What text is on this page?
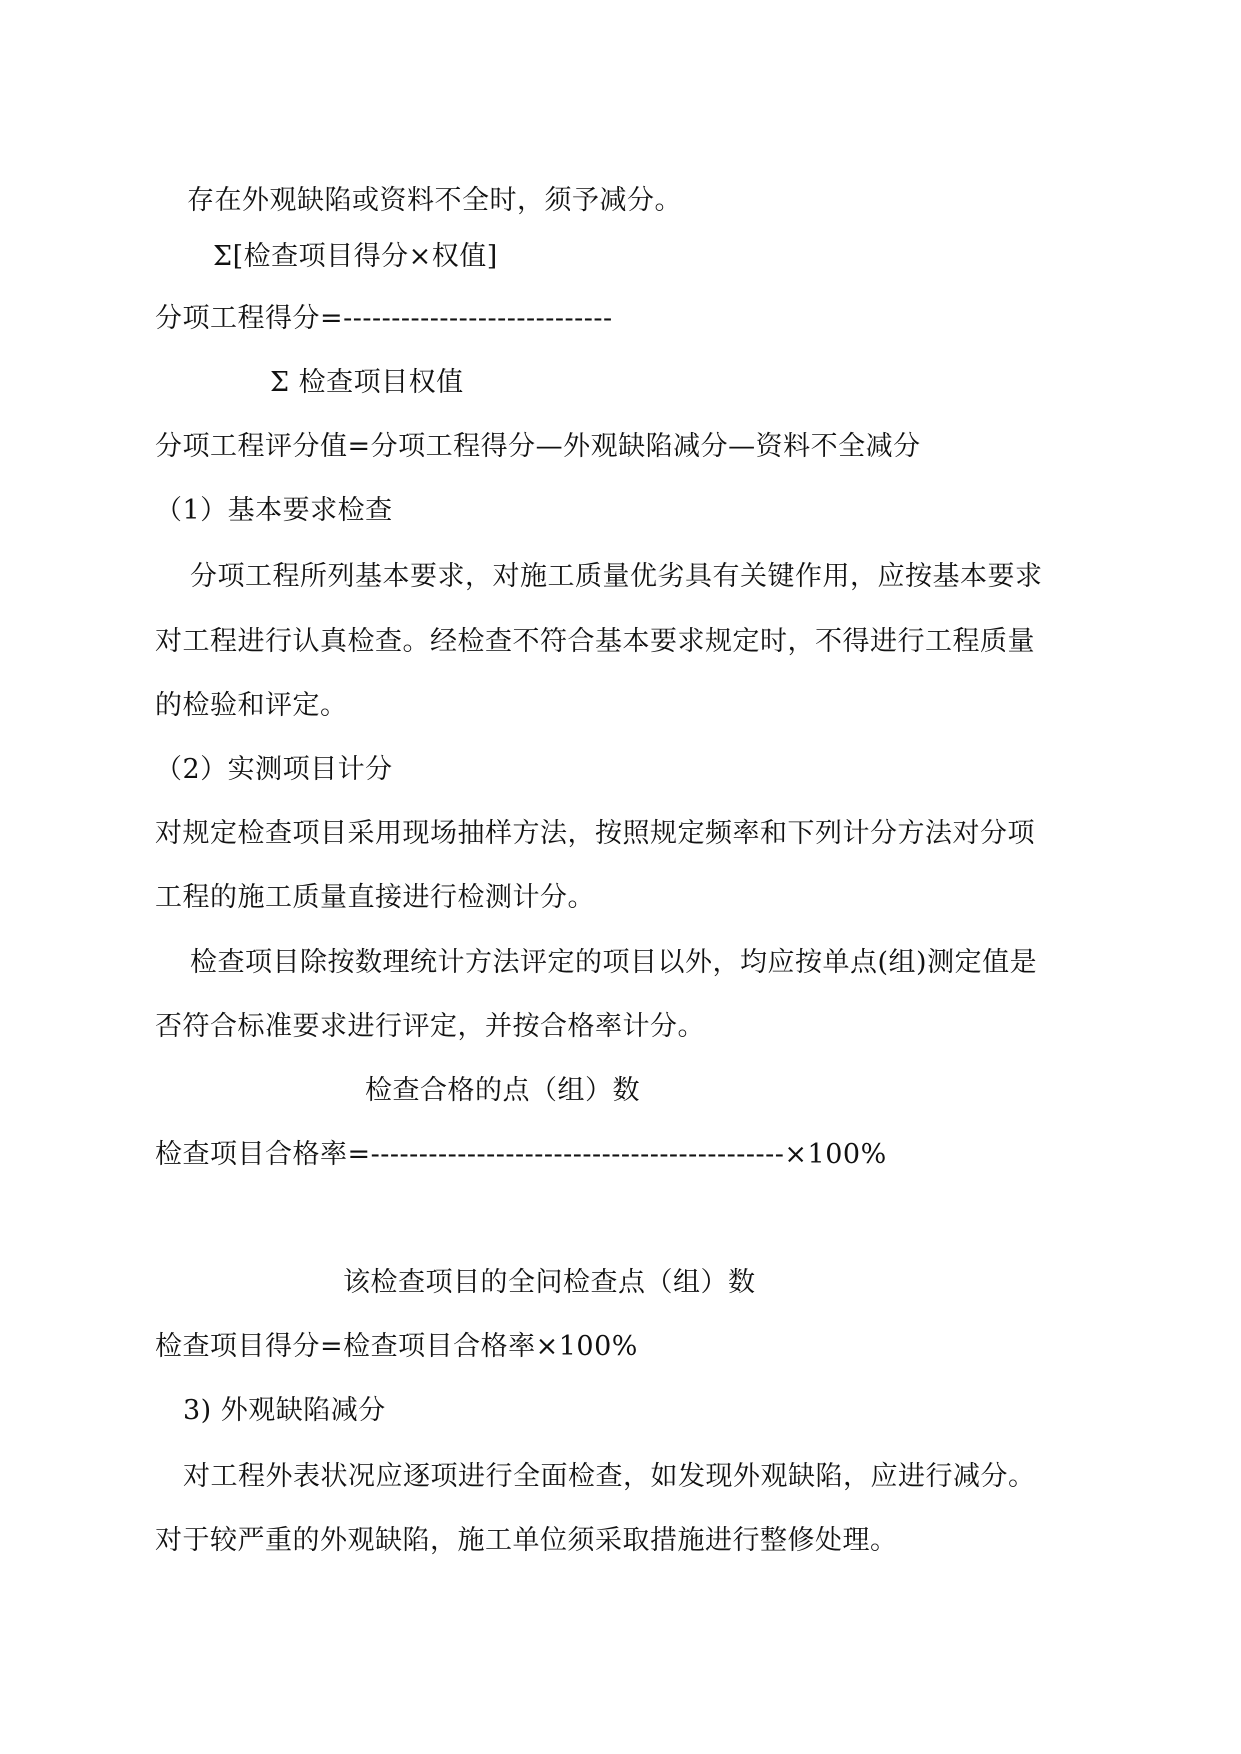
存在外观缺陷或资料不全时，须予减分。
Σ[检查项目得分×权值]
分项工程得分=----------------------------
Σ 检查项目权值
分项工程评分值=分项工程得分—外观缺陷减分—资料不全减分
（1）基本要求检查
分项工程所列基本要求，对施工质量优劣具有关键作用，应按基本要求
对工程进行认真检查。经检查不符合基本要求规定时，不得进行工程质量
的检验和评定。
（2）实测项目计分
对规定检查项目采用现场抽样方法，按照规定频率和下列计分方法对分项
工程的施工质量直接进行检测计分。
检查项目除按数理统计方法评定的项目以外，均应按单点(组)测定值是
否符合标准要求进行评定，并按合格率计分。
检查合格的点（组）数
检查项目合格率=-------------------------------------------×100%
该检查项目的全问检查点（组）数
检查项目得分=检查项目合格率×100%
3) 外观缺陷减分
对工程外表状况应逐项进行全面检查，如发现外观缺陷，应进行减分。
对于较严重的外观缺陷，施工单位须采取措施进行整修处理。
